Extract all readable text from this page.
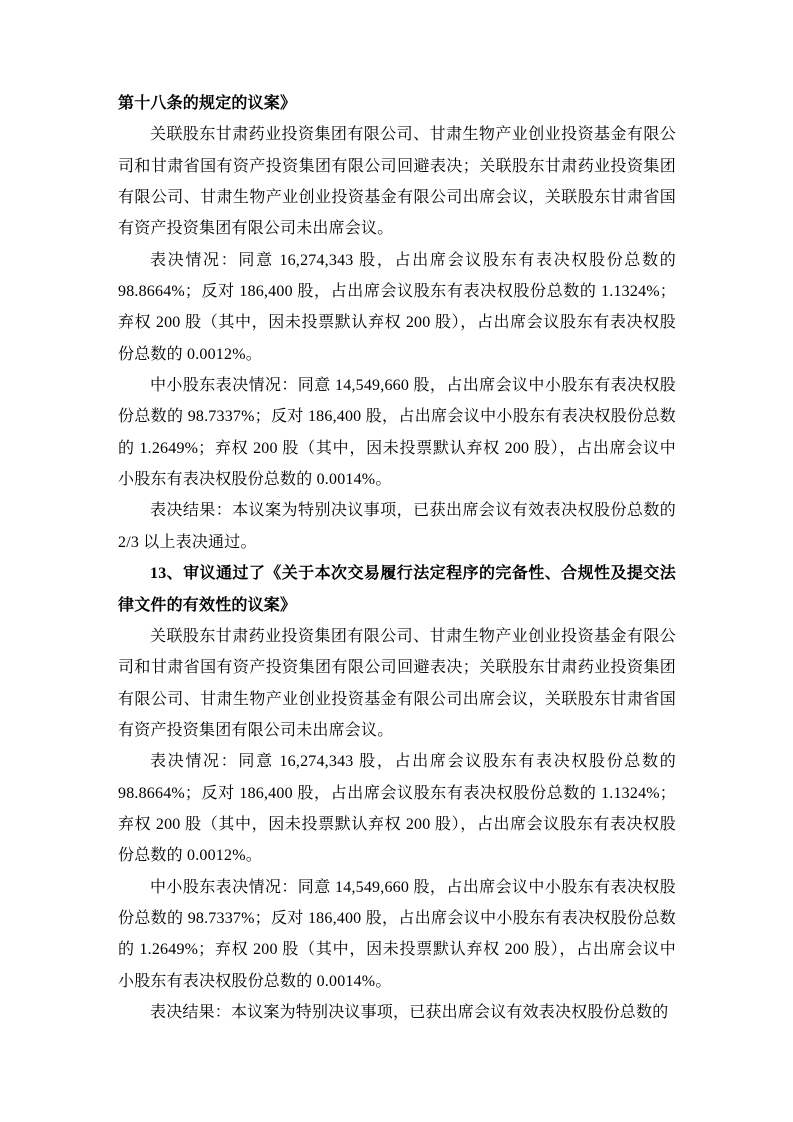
第十八条的规定的议案》

关联股东甘肃药业投资集团有限公司、甘肃生物产业创业投资基金有限公司和甘肃省国有资产投资集团有限公司回避表决；关联股东甘肃药业投资集团有限公司、甘肃生物产业创业投资基金有限公司出席会议，关联股东甘肃省国有资产投资集团有限公司未出席会议。

表决情况：同意 16,274,343 股，占出席会议股东有表决权股份总数的 98.8664%；反对 186,400 股，占出席会议股东有表决权股份总数的 1.1324%；弃权 200 股（其中，因未投票默认弃权 200 股），占出席会议股东有表决权股份总数的 0.0012%。

中小股东表决情况：同意 14,549,660 股，占出席会议中小股东有表决权股份总数的 98.7337%；反对 186,400 股，占出席会议中小股东有表决权股份总数的 1.2649%；弃权 200 股（其中，因未投票默认弃权 200 股），占出席会议中小股东有表决权股份总数的 0.0014%。

表决结果：本议案为特别决议事项，已获出席会议有效表决权股份总数的 2/3 以上表决通过。

13、审议通过了《关于本次交易履行法定程序的完备性、合规性及提交法律文件的有效性的议案》

关联股东甘肃药业投资集团有限公司、甘肃生物产业创业投资基金有限公司和甘肃省国有资产投资集团有限公司回避表决；关联股东甘肃药业投资集团有限公司、甘肃生物产业创业投资基金有限公司出席会议，关联股东甘肃省国有资产投资集团有限公司未出席会议。

表决情况：同意 16,274,343 股，占出席会议股东有表决权股份总数的 98.8664%；反对 186,400 股，占出席会议股东有表决权股份总数的 1.1324%；弃权 200 股（其中，因未投票默认弃权 200 股），占出席会议股东有表决权股份总数的 0.0012%。

中小股东表决情况：同意 14,549,660 股，占出席会议中小股东有表决权股份总数的 98.7337%；反对 186,400 股，占出席会议中小股东有表决权股份总数的 1.2649%；弃权 200 股（其中，因未投票默认弃权 200 股），占出席会议中小股东有表决权股份总数的 0.0014%。

表决结果：本议案为特别决议事项，已获出席会议有效表决权股份总数的
